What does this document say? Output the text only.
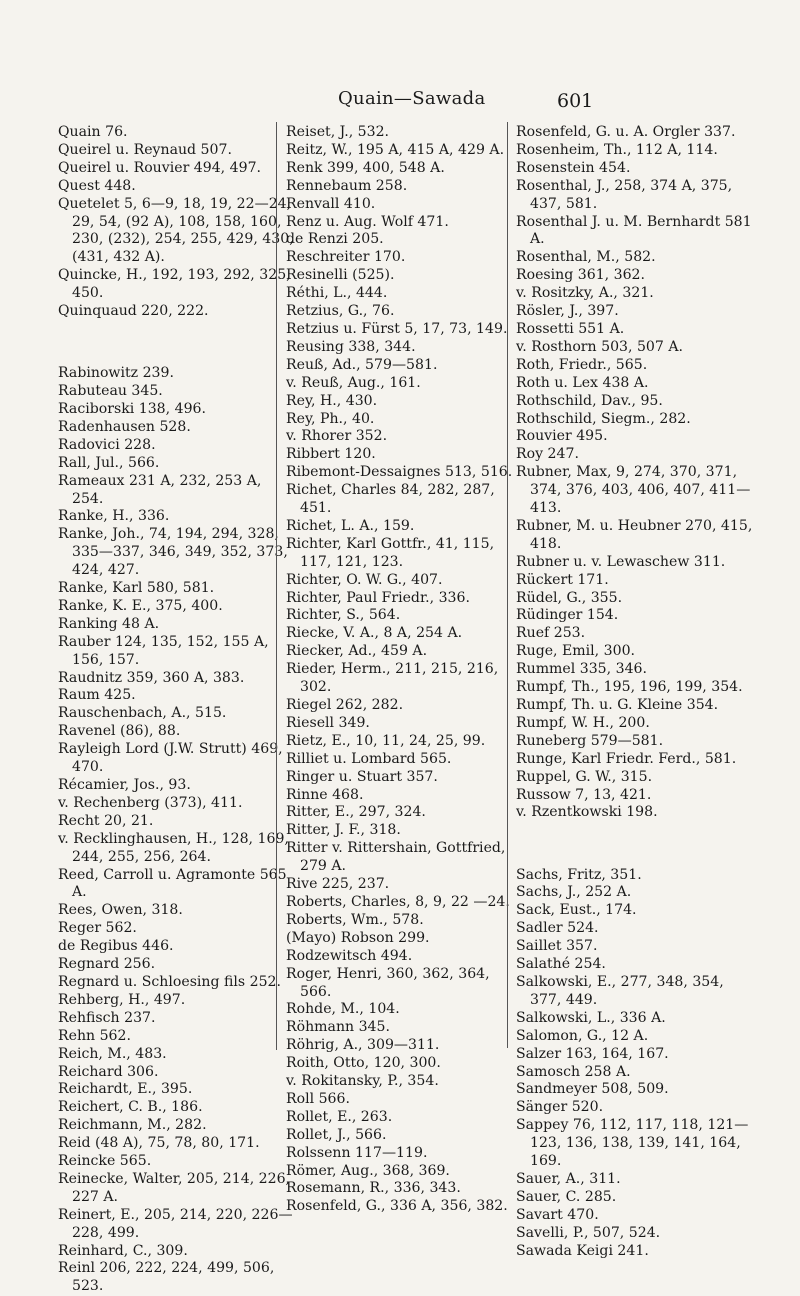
Quain—Sawada	601

Quain 76.

Queirel u. Reynaud 507.

Queirel u. Rouvier 494, 497.

Quest 448.

Quetelet 5, 6—9, 18, 19, 22—24, 29, 54, (92 A), 108, 158, 160, 230, (232), 254, 255, 429, 430, (431, 432 A).

Quincke, H., 192, 193, 292, 325, 450.

Quinquaud 220, 222.

Rabinowitz 239.

Rabuteau 345.

Raciborski 138, 496.

Radenhausen 528.

Radovici 228.

Rall, Jul., 566.

Rameaux 231 A, 232, 253 A, 254.

Ranke, H., 336.

Ranke, Joh., 74, 194, 294, 328, 335—337, 346, 349, 352, 373, 424, 427.

Ranke, Karl 580, 581.

Ranke, K. E., 375, 400.

Ranking 48 A.

Rauber 124, 135, 152, 155 A, 156, 157.

Raudnitz 359, 360 A, 383.

Raum 425.

Rauschenbach, A., 515.

Ravenel (86), 88.

Rayleigh Lord (J.W. Strutt) 469, 470.

Récamier, Jos., 93.

v. Rechenberg (373), 411.

Recht 20, 21.

v. Recklinghausen, H., 128, 169, 244, 255, 256, 264.

Reed, Carroll u. Agramonte 565 A.

Rees, Owen, 318.

Reger 562.

de Regibus 446.

Regnard 256.

Regnard u. Schloesing fils 252.

Rehberg, H., 497.

Rehfisch 237.

Rehn 562.

Reich, M., 483.

Reichard 306.

Reichardt, E., 395.

Reichert, C. B., 186.

Reichmann, M., 282.

Reid (48 A), 75, 78, 80, 171.

Reincke 565.

Reinecke, Walter, 205, 214, 226, 227 A.

Reinert, E., 205, 214, 220, 226—228, 499.

Reinhard, C., 309.

Reinl 206, 222, 224, 499, 506, 523.

Reiset, J., 532.

Reitz, W., 195 A, 415 A, 429 A.

Renk 399, 400, 548 A.

Rennebaum 258.

Renvall 410.

Renz u. Aug. Wolf 471.

de Renzi 205.

Reschreiter 170.

Resinelli (525).

Réthi, L., 444.

Retzius, G., 76.

Retzius u. Fürst 5, 17, 73, 149.

Reusing 338, 344.

Reuß, Ad., 579—581.

v. Reuß, Aug., 161.

Rey, H., 430.

Rey, Ph., 40.

v. Rhorer 352.

Ribbert 120.

Ribemont-Dessaignes 513, 516.

Richet, Charles 84, 282, 287, 451.

Richet, L. A., 159.

Richter, Karl Gottfr., 41, 115, 117, 121, 123.

Richter, O. W. G., 407.

Richter, Paul Friedr., 336.

Richter, S., 564.

Riecke, V. A., 8 A, 254 A.

Riecker, Ad., 459 A.

Rieder, Herm., 211, 215, 216, 302.

Riegel 262, 282.

Riesell 349.

Rietz, E., 10, 11, 24, 25, 99.

Rilliet u. Lombard 565.

Ringer u. Stuart 357.

Rinne 468.

Ritter, E., 297, 324.

Ritter, J. F., 318.

Ritter v. Rittershain, Gottfried, 279 A.

Rive 225, 237.

Roberts, Charles, 8, 9, 22 —24.

Roberts, Wm., 578.

(Mayo) Robson 299.

Rodzewitsch 494.

Roger, Henri, 360, 362, 364, 566.

Rohde, M., 104.

Röhmann 345.

Röhrig, A., 309—311.

Roith, Otto, 120, 300.

v. Rokitansky, P., 354.

Roll 566.

Rollet, E., 263.

Rollet, J., 566.

Rolssenn 117—119.

Römer, Aug., 368, 369.

Rosemann, R., 336, 343.

Rosenfeld, G., 336 A, 356, 382.

Rosenfeld, G. u. A. Orgler 337.

Rosenheim, Th., 112 A, 114.

Rosenstein 454.

Rosenthal, J., 258, 374 A, 375, 437, 581.

Rosenthal J. u. M. Bernhardt 581 A.

Rosenthal, M., 582.

Roesing 361, 362.

v. Rositzky, A., 321.

Rösler, J., 397.

Rossetti 551 A.

v. Rosthorn 503, 507 A.

Roth, Friedr., 565.

Roth u. Lex 438 A.

Rothschild, Dav., 95.

Rothschild, Siegm., 282.

Rouvier 495.

Roy 247.

Rubner, Max, 9, 274, 370, 371, 374, 376, 403, 406, 407, 411—413.

Rubner, M. u. Heubner 270, 415, 418.

Rubner u. v. Lewaschew 311.

Rückert 171.

Rüdel, G., 355.

Rüdinger 154.

Ruef 253.

Ruge, Emil, 300.

Rummel 335, 346.

Rumpf, Th., 195, 196, 199, 354.

Rumpf, Th. u. G. Kleine 354.

Rumpf, W. H., 200.

Runeberg 579—581.

Runge, Karl Friedr. Ferd., 581.

Ruppel, G. W., 315.

Russow 7, 13, 421.

v. Rzentkowski 198.

Sachs, Fritz, 351.

Sachs, J., 252 A.

Sack, Eust., 174.

Sadler 524.

Saillet 357.

Salathé 254.

Salkowski, E., 277, 348, 354, 377, 449.

Salkowski, L., 336 A.

Salomon, G., 12 A.

Salzer 163, 164, 167.

Samosch 258 A.

Sandmeyer 508, 509.

Sänger 520.

Sappey 76, 112, 117, 118, 121—123, 136, 138, 139, 141, 164, 169.

Sauer, A., 311.

Sauer, C. 285.

Savart 470.

Savelli, P., 507, 524.

Sawada Keigi 241.
